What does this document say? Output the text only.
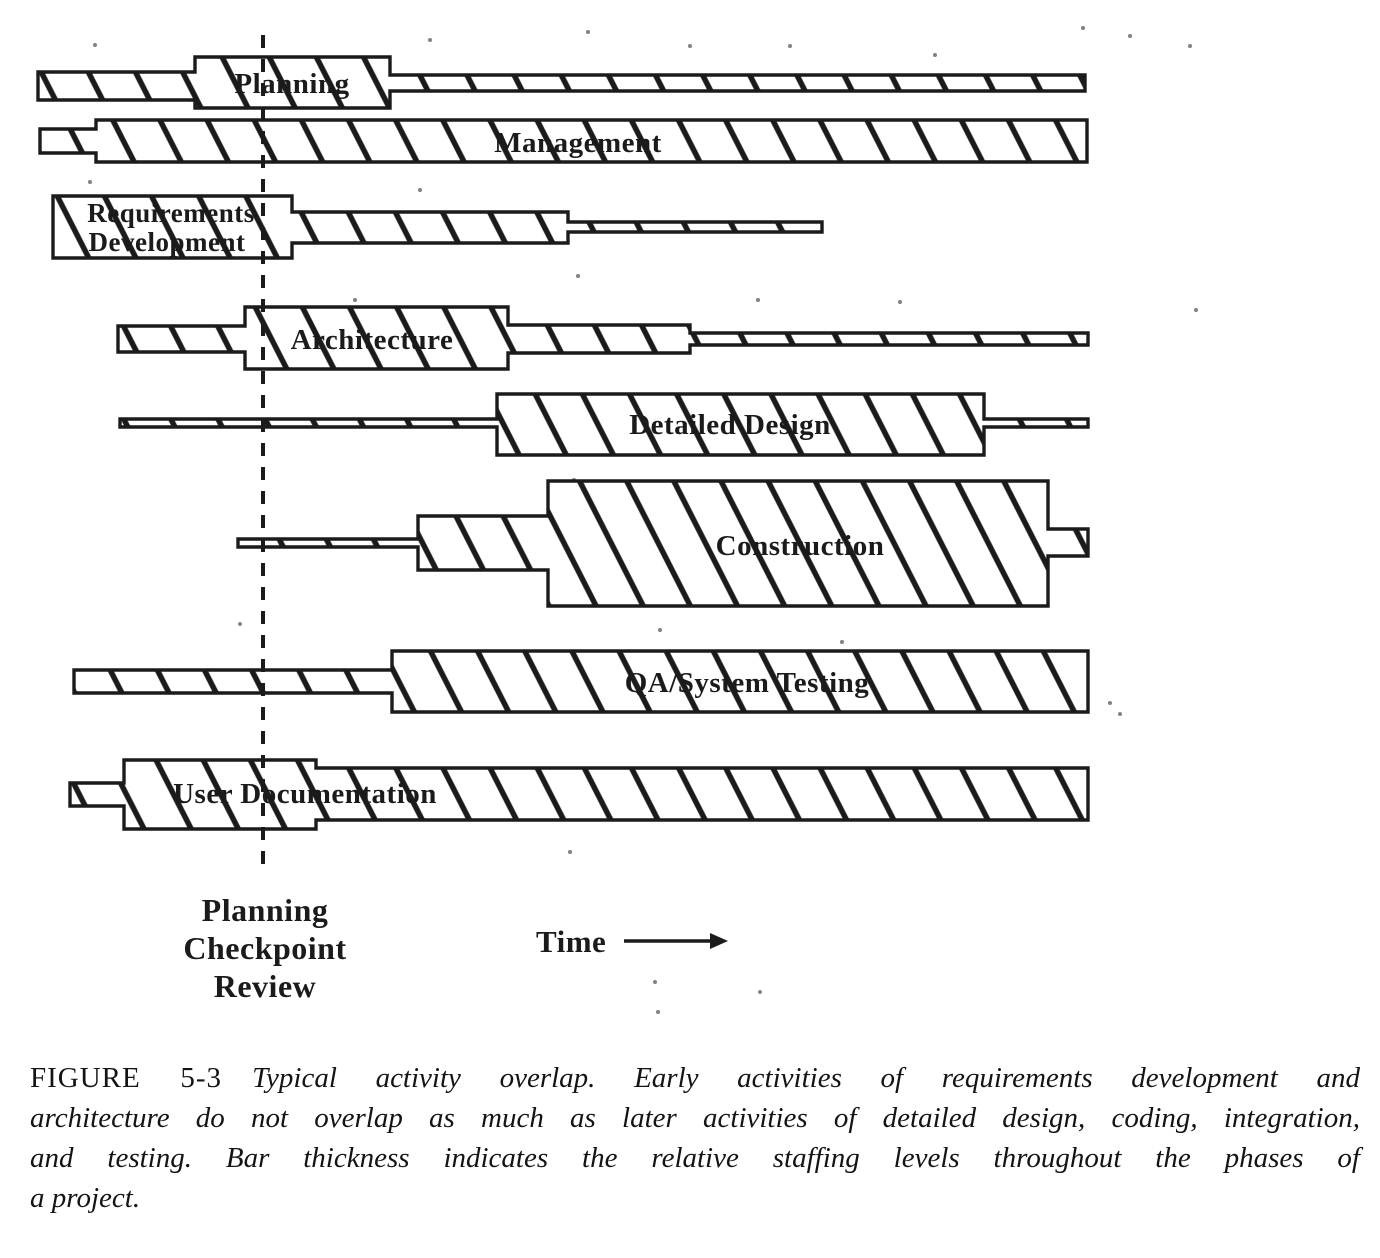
Planning
Management
Requirements
Development
Architecture
Detailed Design
Construction
QA/System Testing
User Documentation
Planning
Checkpoint
Review
Time
FIGURE 5-3 Typical activity overlap. Early activities of requirements development and
architecture do not overlap as much as later activities of detailed design, coding, integration,
and testing. Bar thickness indicates the relative staffing levels throughout the phases of
a project.
